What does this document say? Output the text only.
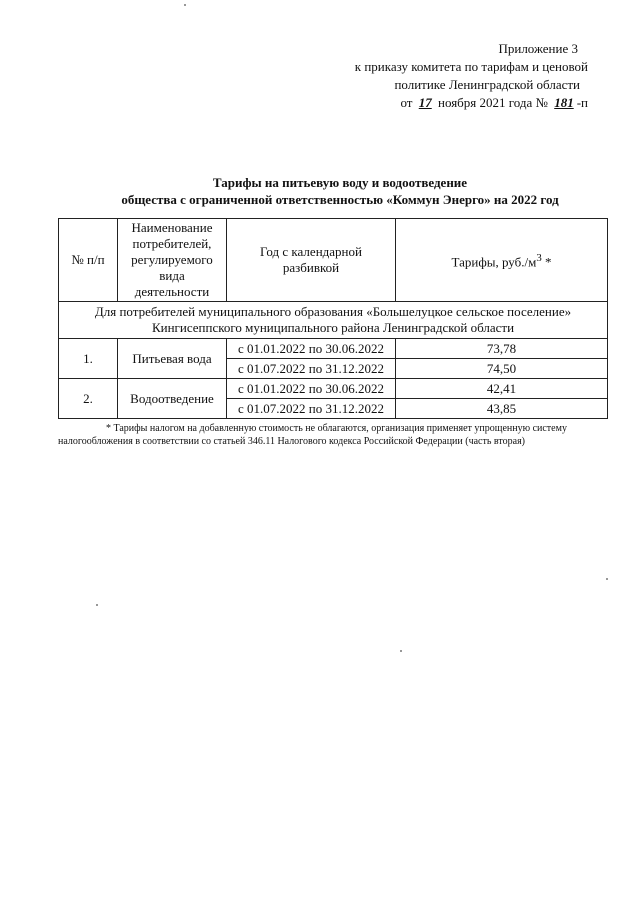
Приложение 3
к приказу комитета по тарифам и ценовой
политике Ленинградской области
от 17 ноября 2021 года № 181 -п
Тарифы на питьевую воду и водоотведение
общества с ограниченной ответственностью «Коммун Энерго» на 2022 год
№ п/п	Наименование потребителей, регулируемого вида деятельности	Год с календарной разбивкой	Тарифы, $руб./м^3$ *
Для потребителей муниципального образования «Большелуцкое сельское поселение» Кингисеппского муниципального района Ленинградской области			
1.	Питьевая вода	с 01.01.2022 по 30.06.2022	73,78
		с 01.07.2022 по 31.12.2022	74,50
2.	Водоотведение	с 01.01.2022 по 30.06.2022	42,41
		с 01.07.2022 по 31.12.2022	43,85
* Тарифы налогом на добавленную стоимость не облагаются, организация применяет упрощенную систему
налогообложения в соответствии со статьей 346.11 Налогового кодекса Российской Федерации (часть вторая)
